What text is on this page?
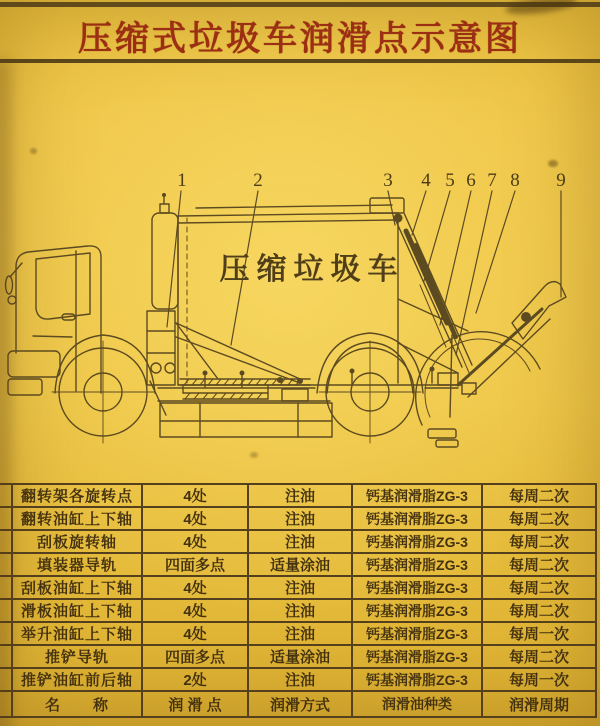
压缩式垃圾车润滑点示意图
压缩垃圾车
1	2	3 4 5 6 7 8 9
	翻转架各旋转点	4处	注油	钙基润滑脂ZG-3	每周二次
	翻转油缸上下轴	4处	注油	钙基润滑脂ZG-3	每周二次
	刮板旋转轴	4处	注油	钙基润滑脂ZG-3	每周二次
	填装器导轨	四面多点	适量涂油	钙基润滑脂ZG-3	每周二次
	刮板油缸上下轴	4处	注油	钙基润滑脂ZG-3	每周二次
	滑板油缸上下轴	4处	注油	钙基润滑脂ZG-3	每周二次
	举升油缸上下轴	4处	注油	钙基润滑脂ZG-3	每周一次
	推铲导轨	四面多点	适量涂油	钙基润滑脂ZG-3	每周二次
	推铲油缸前后轴	2处	注油	钙基润滑脂ZG-3	每周一次
	名　　称	润 滑 点	润滑方式	润滑油种类	润滑周期
